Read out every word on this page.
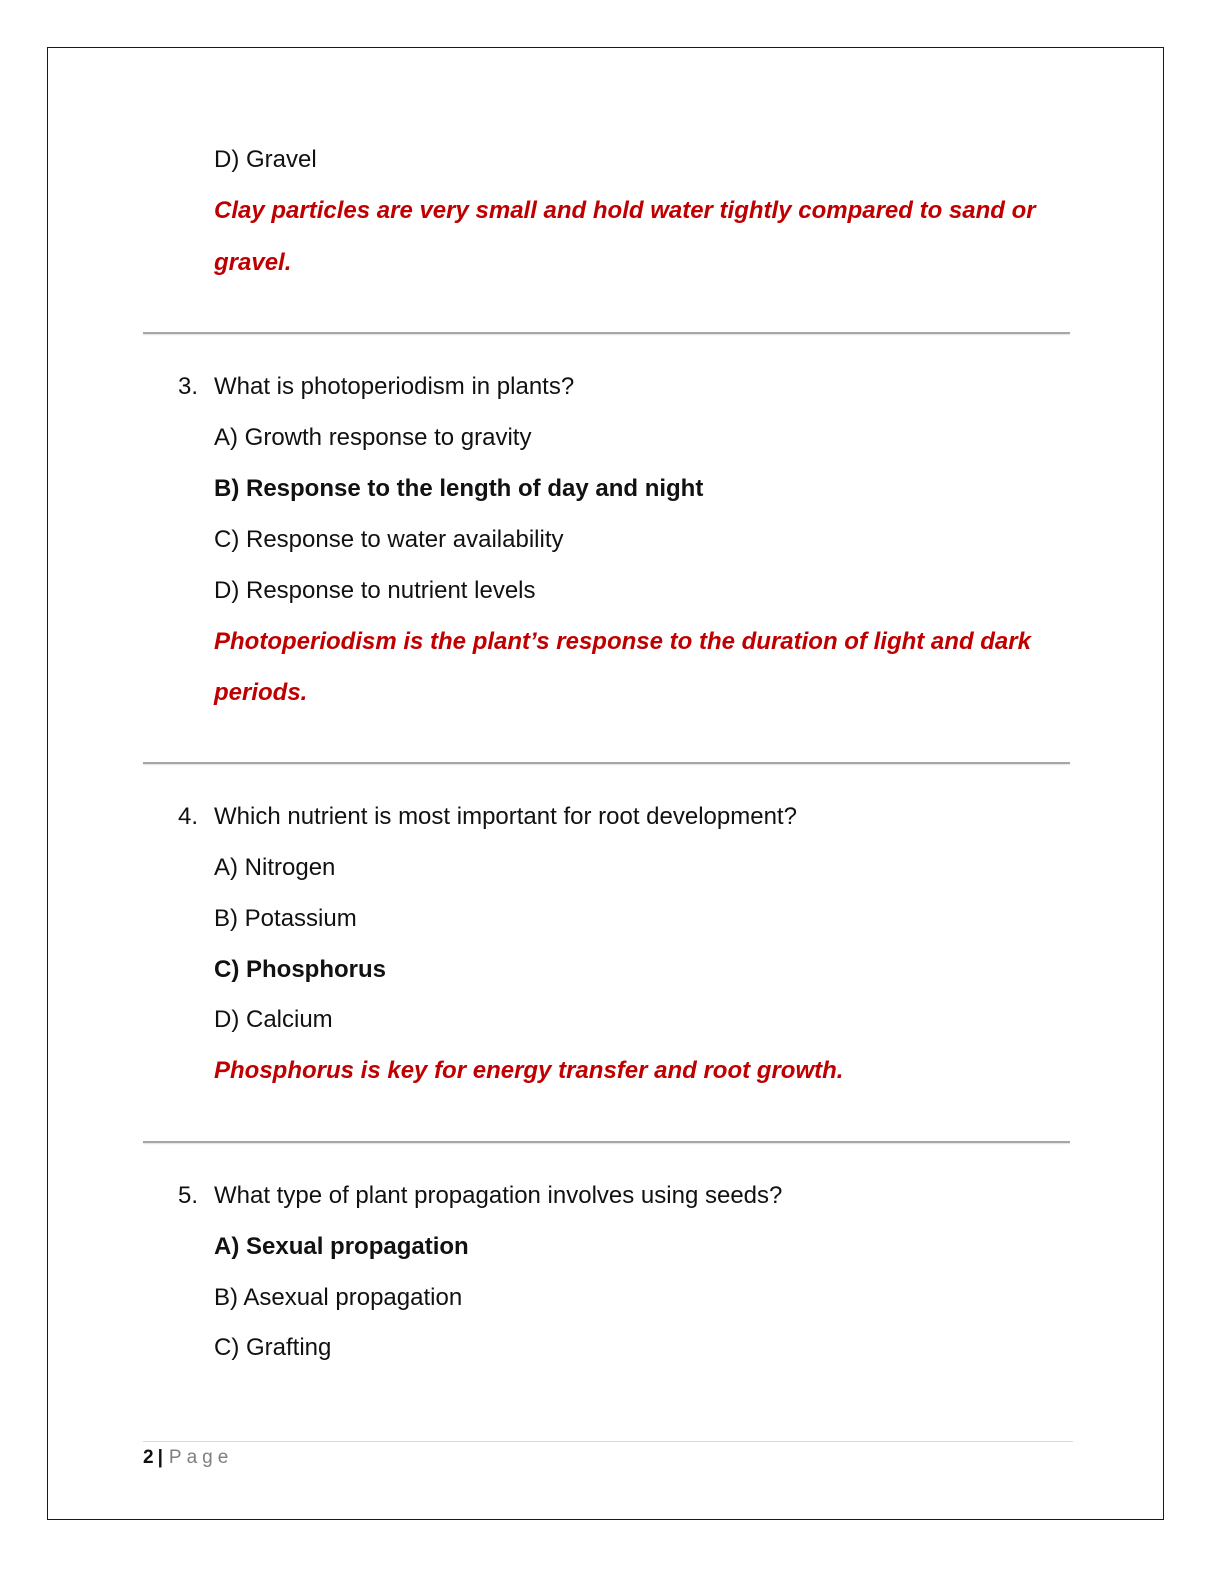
D) Gravel
Clay particles are very small and hold water tightly compared to sand or
gravel.
3. What is photoperiodism in plants?
A) Growth response to gravity
B) Response to the length of day and night
C) Response to water availability
D) Response to nutrient levels
Photoperiodism is the plant’s response to the duration of light and dark
periods.
4. Which nutrient is most important for root development?
A) Nitrogen
B) Potassium
C) Phosphorus
D) Calcium
Phosphorus is key for energy transfer and root growth.
5. What type of plant propagation involves using seeds?
A) Sexual propagation
B) Asexual propagation
C) Grafting
2 | Page
